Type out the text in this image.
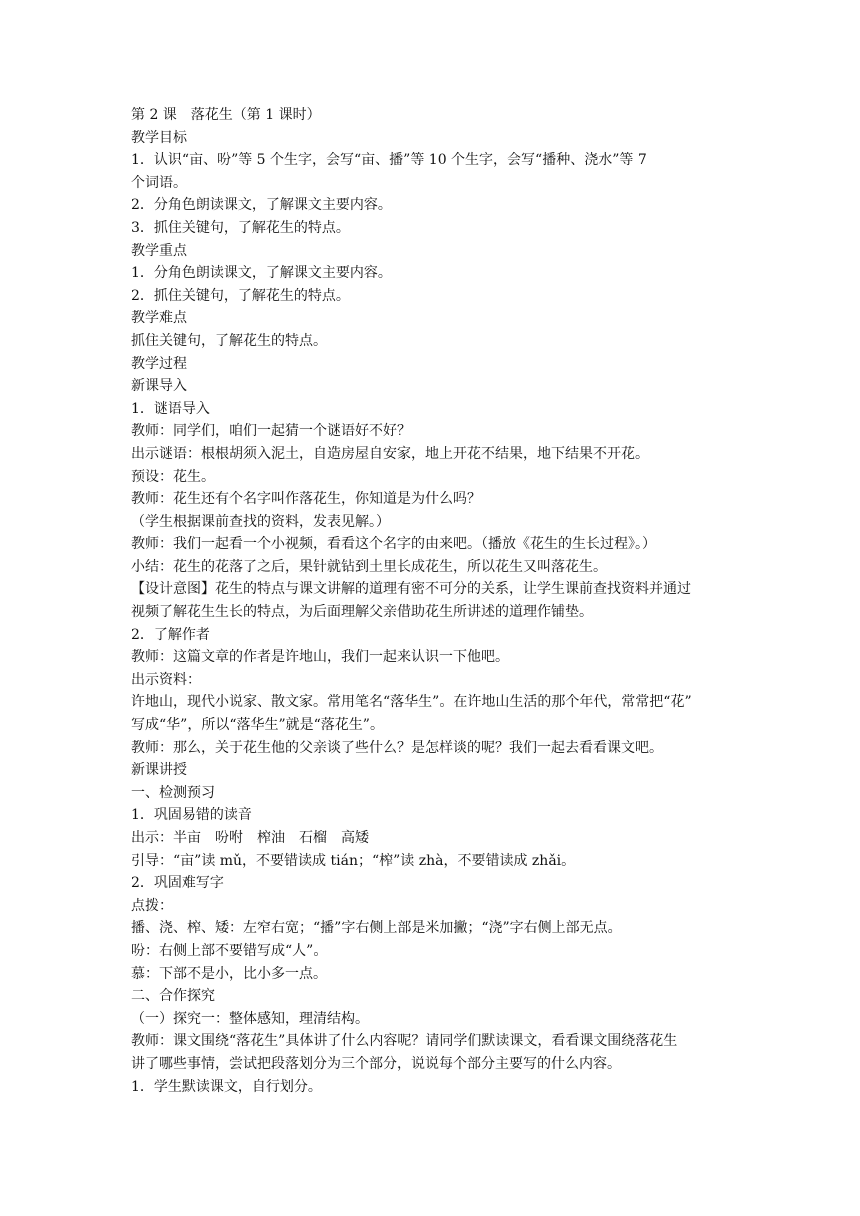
第 2 课　落花生（第 1 课时）
教学目标
1．认识“亩、吩”等 5 个生字，会写“亩、播”等 10 个生字，会写“播种、浇水”等 7
个词语。
2．分角色朗读课文，了解课文主要内容。
3．抓住关键句，了解花生的特点。
教学重点
1．分角色朗读课文，了解课文主要内容。
2．抓住关键句，了解花生的特点。
教学难点
抓住关键句，了解花生的特点。
教学过程
新课导入
1．谜语导入
教师：同学们，咱们一起猜一个谜语好不好？
出示谜语：根根胡须入泥土，自造房屋自安家，地上开花不结果，地下结果不开花。
预设：花生。
教师：花生还有个名字叫作落花生，你知道是为什么吗？
（学生根据课前查找的资料，发表见解。）
教师：我们一起看一个小视频，看看这个名字的由来吧。（播放《花生的生长过程》。）
小结：花生的花落了之后，果针就钻到土里长成花生，所以花生又叫落花生。
【设计意图】花生的特点与课文讲解的道理有密不可分的关系，让学生课前查找资料并通过
视频了解花生生长的特点，为后面理解父亲借助花生所讲述的道理作铺垫。
2．了解作者
教师：这篇文章的作者是许地山，我们一起来认识一下他吧。
出示资料：
许地山，现代小说家、散文家。常用笔名“落华生”。在许地山生活的那个年代，常常把“花”
写成“华”，所以“落华生”就是“落花生”。
教师：那么，关于花生他的父亲谈了些什么？是怎样谈的呢？我们一起去看看课文吧。
新课讲授
一、检测预习
1．巩固易错的读音
出示：半亩　吩咐　榨油　石榴　高矮
引导：“亩”读 mǔ，不要错读成 tián；“榨”读 zhà，不要错读成 zhǎi。
2．巩固难写字
点拨：
播、浇、榨、矮：左窄右宽；“播”字右侧上部是米加撇；“浇”字右侧上部无点。
吩：右侧上部不要错写成“人”。
慕：下部不是小，比小多一点。
二、合作探究
（一）探究一：整体感知，理清结构。
教师：课文围绕“落花生”具体讲了什么内容呢？请同学们默读课文，看看课文围绕落花生
讲了哪些事情，尝试把段落划分为三个部分，说说每个部分主要写的什么内容。
1．学生默读课文，自行划分。
